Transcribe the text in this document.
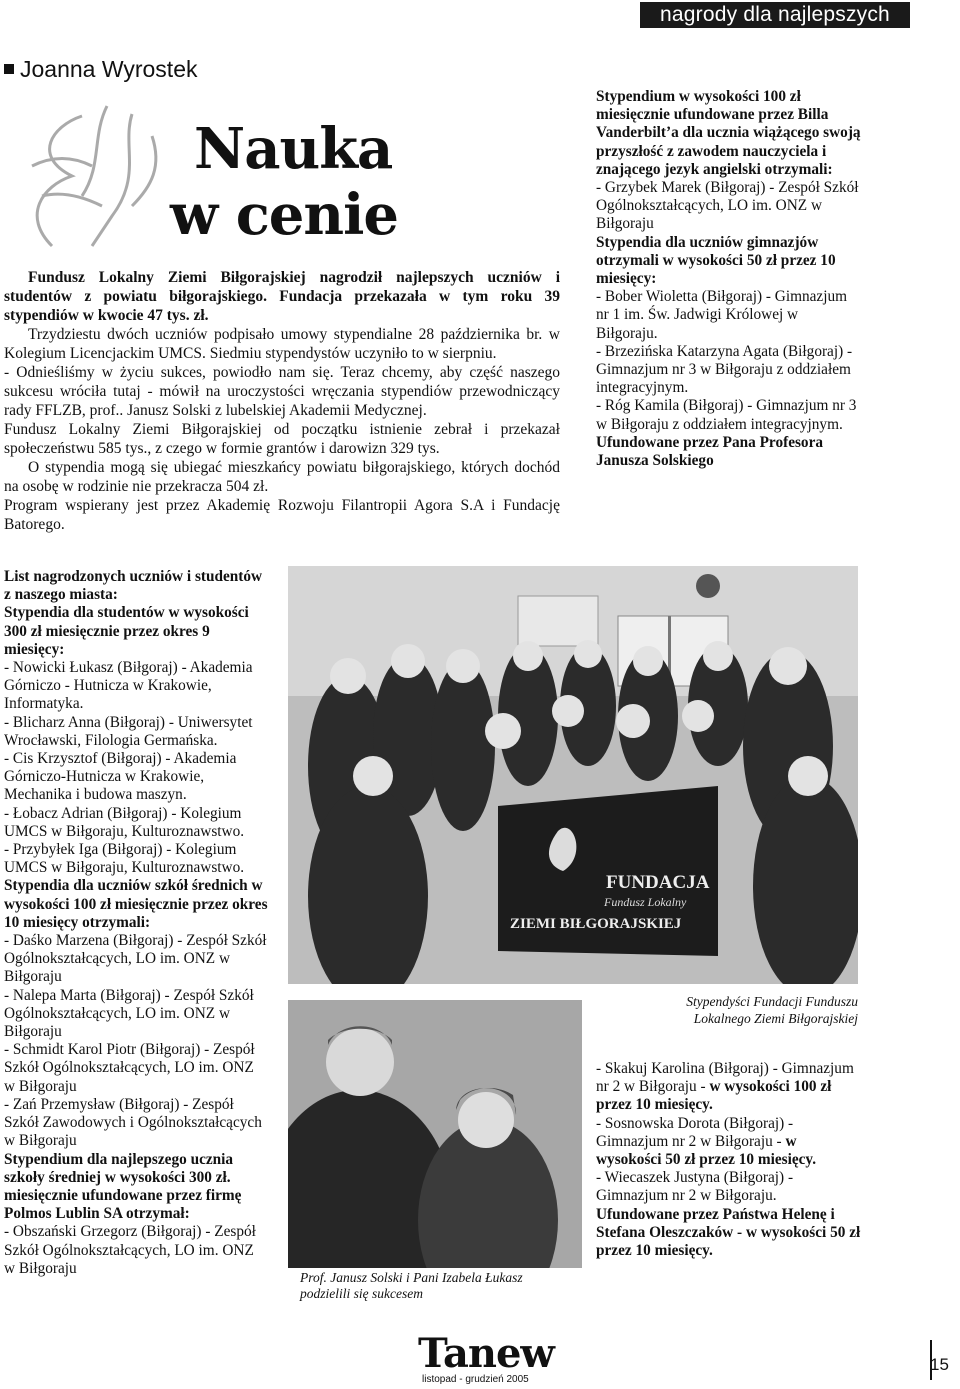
nagrody dla najlepszych
Joanna Wyrostek
Nauka
w cenie

Fundusz Lokalny Ziemi Biłgorajskiej nagrodził najlepszych uczniów i studentów z powiatu biłgorajskiego. Fundacja przekazała w tym roku 39 stypendiów w kwocie 47 tys. zł.

Trzydziestu dwóch uczniów podpisało umowy stypendialne 28 października br. w Kolegium Licencjackim UMCS. Siedmiu stypendystów uczyniło to w sierpniu.

- Odnieśliśmy w życiu sukces, powiodło nam się. Teraz chcemy, aby część naszego sukcesu wróciła tutaj - mówił na uroczystości wręczania stypendiów przewodniczący rady FFLZB, prof.. Janusz Solski z lubelskiej Akademii Medycznej.

Fundusz Lokalny Ziemi Biłgorajskiej od początku istnienie zebrał i przekazał społeczeństwu 585 tys., z czego w formie grantów i darowizn 329 tys.

O stypendia mogą się ubiegać mieszkańcy powiatu biłgorajskiego, których dochód na osobę w rodzinie nie przekracza 504 zł.

Program wspierany jest przez Akademię Rozwoju Filantropii Agora S.A i Fundację Batorego.

Stypendium w wysokości 100 zł miesięcznie ufundowane przez Billa Vanderbilt’a dla ucznia wiążącego swoją przyszłość z zawodem nauczyciela i znającego jezyk angielski otrzymali:

- Grzybek Marek (Biłgoraj) - Zespół Szkół Ogólnokształcących, LO im. ONZ w Biłgoraju

Stypendia dla uczniów gimnazjów otrzymali w wysokości 50 zł przez 10 miesięcy:

- Bober Wioletta (Biłgoraj) - Gimnazjum nr 1 im. Św. Jadwigi Królowej w Biłgoraju.

- Brzezińska Katarzyna Agata (Biłgoraj) - Gimnazjum nr 3 w Biłgoraju z oddziałem integracyjnym.

- Róg Kamila (Biłgoraj) - Gimnazjum nr 3 w Biłgoraju z oddziałem integracyjnym.

Ufundowane przez Pana Profesora Janusza Solskiego

List nagrodzonych uczniów i studentów z naszego miasta:

Stypendia dla studentów w wysokości 300 zł miesięcznie przez okres 9 miesięcy:

- Nowicki Łukasz (Biłgoraj) - Akademia Górniczo - Hutnicza w Krakowie, Informatyka.

- Blicharz Anna (Biłgoraj) - Uniwersytet Wrocławski, Filologia Germańska.

- Cis Krzysztof (Biłgoraj) - Akademia Górniczo-Hutnicza w Krakowie, Mechanika i budowa maszyn.

- Łobacz Adrian (Biłgoraj) - Kolegium UMCS w Biłgoraju, Kulturoznawstwo.

- Przybyłek Iga (Biłgoraj) - Kolegium UMCS w Biłgoraju, Kulturoznawstwo.

Stypendia dla uczniów szkół średnich w wysokości 100 zł miesięcznie przez okres 10 miesięcy otrzymali:

- Daśko Marzena (Biłgoraj) - Zespół Szkół Ogólnokształcących, LO im. ONZ w Biłgoraju

- Nalepa Marta (Biłgoraj) - Zespół Szkół Ogólnokształcących, LO im. ONZ w Biłgoraju

- Schmidt Karol Piotr (Biłgoraj) - Zespół Szkół Ogólnokształcących, LO im. ONZ w Biłgoraju

- Zań Przemysław (Biłgoraj) - Zespół Szkół Zawodowych i Ogólnokształcących w Biłgoraju

Stypendium dla najlepszego ucznia szkoły średniej w wysokości 300 zł. miesięcznie ufundowane przez firmę Polmos Lublin SA otrzymał:

- Obszański Grzegorz (Biłgoraj) - Zespół Szkół Ogólnokształcących, LO im. ONZ w Biłgoraju

FUNDACJA
Fundusz Lokalny
ZIEMI BIŁGORAJSKIEJ
Stypendyści Fundacji Funduszu Lokalnego Ziemi Biłgorajskiej
Prof. Janusz Solski i Pani Izabela Łukasz podzielili się sukcesem

- Skakuj Karolina (Biłgoraj) - Gimnazjum nr 2 w Biłgoraju - w wysokości 100 zł przez 10 miesięcy.

- Sosnowska Dorota (Biłgoraj) - Gimnazjum nr 2 w Biłgoraju - w wysokości 50 zł przez 10 miesięcy.

- Wiecaszek Justyna (Biłgoraj) - Gimnazjum nr 2 w Biłgoraju. Ufundowane przez Państwa Helenę i Stefana Oleszczaków - w wysokości 50 zł przez 10 miesięcy.

Tanew
listopad - grudzień 2005
15
